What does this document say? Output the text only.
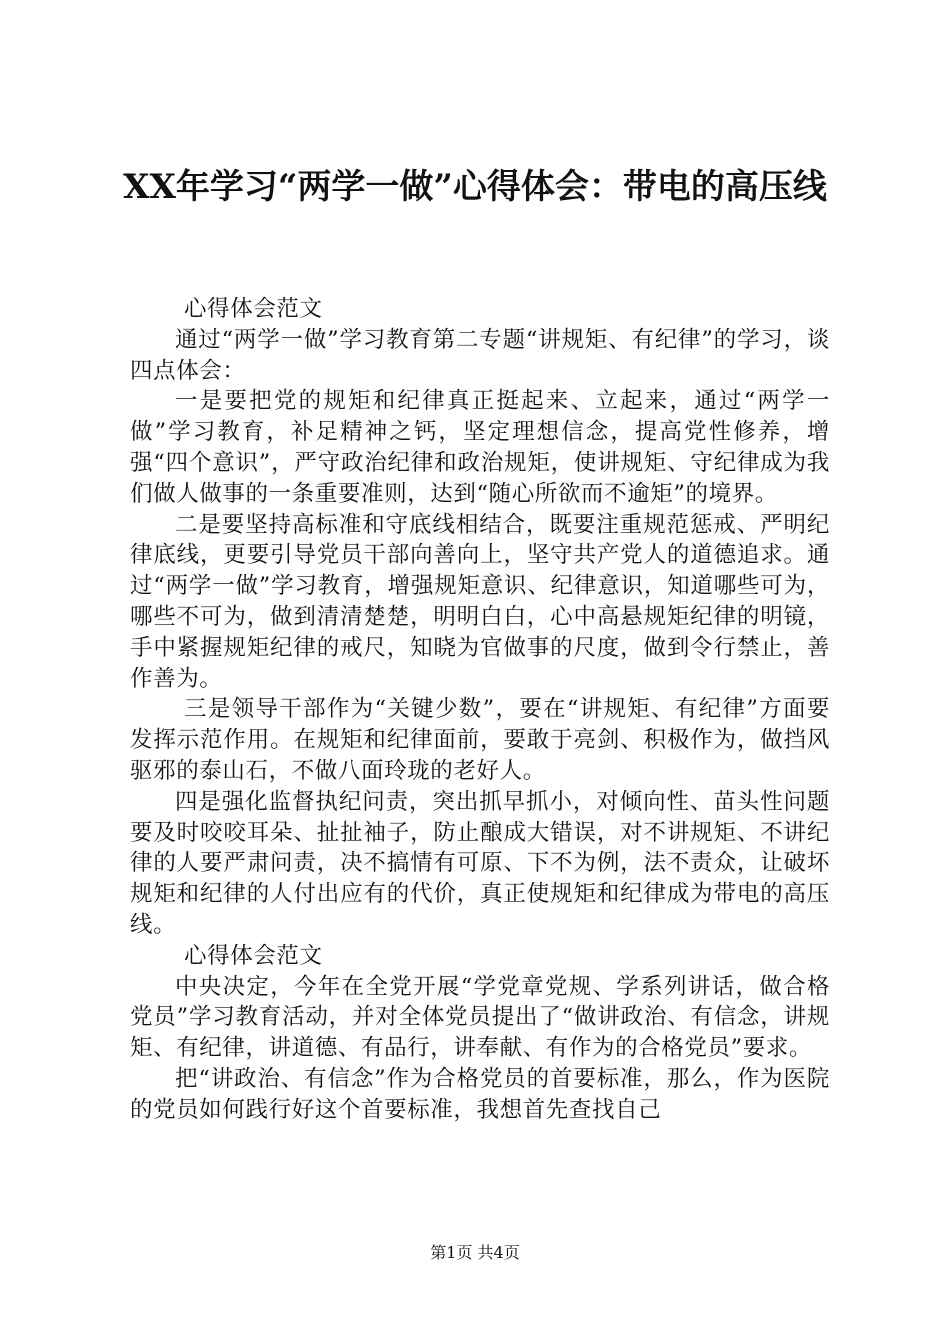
XX年学习“两学一做”心得体会：带电的高压线

心得体会范文

通过“两学一做”学习教育第二专题“讲规矩、有纪律”的学习，谈四点体会：

一是要把党的规矩和纪律真正挺起来、立起来，通过“两学一做”学习教育，补足精神之钙，坚定理想信念，提高党性修养，增强“四个意识”，严守政治纪律和政治规矩，使讲规矩、守纪律成为我们做人做事的一条重要准则，达到“随心所欲而不逾矩”的境界。

二是要坚持高标准和守底线相结合，既要注重规范惩戒、严明纪律底线，更要引导党员干部向善向上，坚守共产党人的道德追求。通过“两学一做”学习教育，增强规矩意识、纪律意识，知道哪些可为，哪些不可为，做到清清楚楚，明明白白，心中高悬规矩纪律的明镜，手中紧握规矩纪律的戒尺，知晓为官做事的尺度，做到令行禁止，善作善为。

三是领导干部作为“关键少数”，要在“讲规矩、有纪律”方面要发挥示范作用。在规矩和纪律面前，要敢于亮剑、积极作为，做挡风驱邪的泰山石，不做八面玲珑的老好人。

四是强化监督执纪问责，突出抓早抓小，对倾向性、苗头性问题要及时咬咬耳朵、扯扯袖子，防止酿成大错误，对不讲规矩、不讲纪律的人要严肃问责，决不搞情有可原、下不为例，法不责众，让破坏规矩和纪律的人付出应有的代价，真正使规矩和纪律成为带电的高压线。

心得体会范文

中央决定，今年在全党开展“学党章党规、学系列讲话，做合格党员”学习教育活动，并对全体党员提出了“做讲政治、有信念，讲规矩、有纪律，讲道德、有品行，讲奉献、有作为的合格党员”要求。

把“讲政治、有信念”作为合格党员的首要标准，那么，作为医院的党员如何践行好这个首要标准，我想首先查找自己

第1页 共4页
